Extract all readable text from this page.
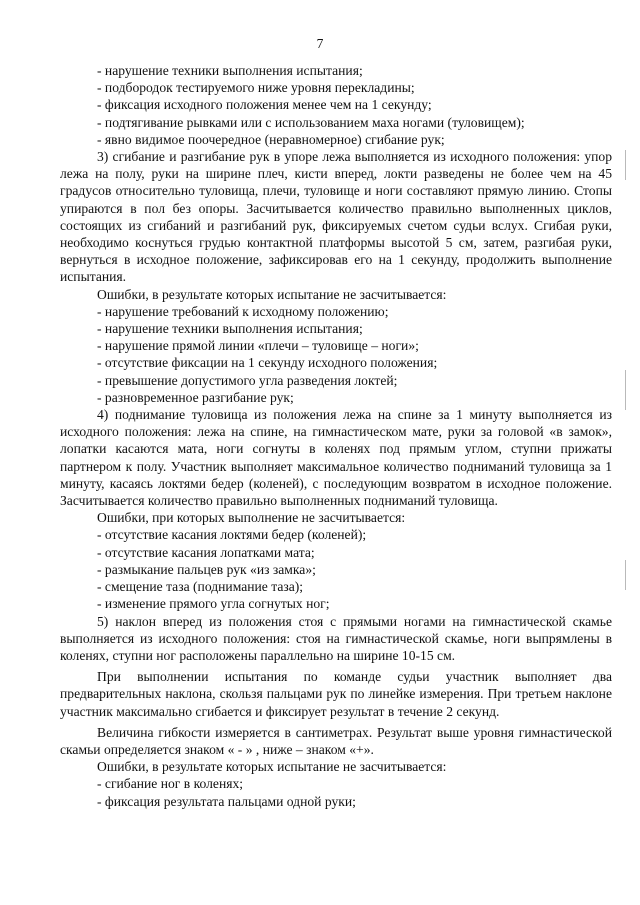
7
- нарушение техники выполнения испытания;
- подбородок тестируемого ниже уровня перекладины;
- фиксация исходного положения менее чем на 1 секунду;
- подтягивание рывками или с использованием маха ногами (туловищем);
- явно видимое поочередное (неравномерное) сгибание рук;
3) сгибание и разгибание рук в упоре лежа выполняется из исходного положения: упор лежа на полу, руки на ширине плеч, кисти вперед, локти разведены не более чем на 45 градусов относительно туловища, плечи, туловище и ноги составляют прямую линию. Стопы упираются в пол без опоры. Засчитывается количество правильно выполненных циклов, состоящих из сгибаний и разгибаний рук, фиксируемых счетом судьи вслух. Сгибая руки, необходимо коснуться грудью контактной платформы высотой 5 см, затем, разгибая руки, вернуться в исходное положение, зафиксировав его на 1 секунду, продолжить выполнение испытания.
Ошибки, в результате которых испытание не засчитывается:
- нарушение требований к исходному положению;
- нарушение техники выполнения испытания;
- нарушение прямой линии «плечи – туловище – ноги»;
- отсутствие фиксации на 1 секунду исходного положения;
- превышение допустимого угла разведения локтей;
- разновременное разгибание рук;
4) поднимание туловища из положения лежа на спине за 1 минуту выполняется из исходного положения: лежа на спине, на гимнастическом мате, руки за головой «в замок», лопатки касаются мата, ноги согнуты в коленях под прямым углом, ступни прижаты партнером к полу. Участник выполняет максимальное количество подниманий туловища за 1 минуту, касаясь локтями бедер (коленей), с последующим возвратом в исходное положение. Засчитывается количество правильно выполненных подниманий туловища.
Ошибки, при которых выполнение не засчитывается:
- отсутствие касания локтями бедер (коленей);
- отсутствие касания лопатками мата;
- размыкание пальцев рук «из замка»;
- смещение таза (поднимание таза);
- изменение прямого угла согнутых ног;
5) наклон вперед из положения стоя с прямыми ногами на гимнастической скамье выполняется из исходного положения: стоя на гимнастической скамье, ноги выпрямлены в коленях, ступни ног расположены параллельно на ширине 10-15 см.
При выполнении испытания по команде судьи участник выполняет два предварительных наклона, скользя пальцами рук по линейке измерения. При третьем наклоне участник максимально сгибается и фиксирует результат в течение 2 секунд.
Величина гибкости измеряется в сантиметрах. Результат выше уровня гимнастической скамьи определяется знаком « - » , ниже – знаком «+».
Ошибки, в результате которых испытание не засчитывается:
- сгибание ног в коленях;
- фиксация результата пальцами одной руки;
